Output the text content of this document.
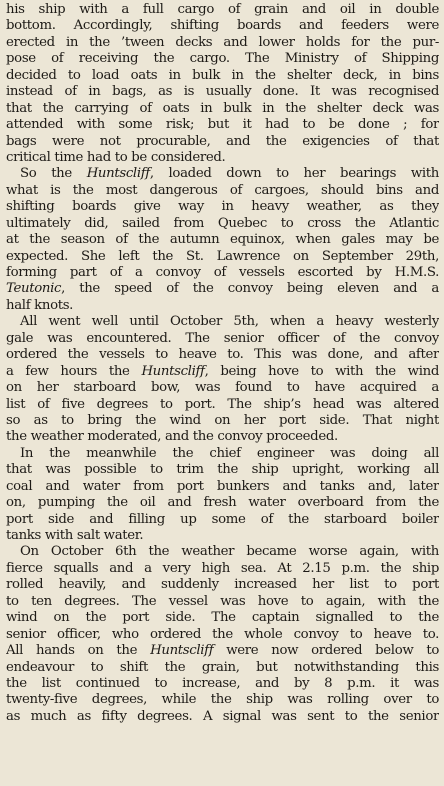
his ship with a full cargo of grain and oil in double
bottom. Accordingly, shifting boards and feeders were
erected in the ’tween decks and lower holds for the pur-
pose of receiving the cargo. The Ministry of Shipping
decided to load oats in bulk in the shelter deck, in bins
instead of in bags, as is usually done. It was recognised
that the carrying of oats in bulk in the shelter deck was
attended with some risk; but it had to be done ; for
bags were not procurable, and the exigencies of that
critical time had to be considered.
So the Huntscliff, loaded down to her bearings with
what is the most dangerous of cargoes, should bins and
shifting boards give way in heavy weather, as they
ultimately did, sailed from Quebec to cross the Atlantic
at the season of the autumn equinox, when gales may be
expected. She left the St. Lawrence on September 29th,
forming part of a convoy of vessels escorted by H.M.S.
Teutonic, the speed of the convoy being eleven and a
half knots.
All went well until October 5th, when a heavy westerly
gale was encountered. The senior officer of the convoy
ordered the vessels to heave to. This was done, and after
a few hours the Huntscliff, being hove to with the wind
on her starboard bow, was found to have acquired a
list of five degrees to port. The ship’s head was altered
so as to bring the wind on her port side. That night
the weather moderated, and the convoy proceeded.
In the meanwhile the chief engineer was doing all
that was possible to trim the ship upright, working all
coal and water from port bunkers and tanks and, later
on, pumping the oil and fresh water overboard from the
port side and filling up some of the starboard boiler
tanks with salt water.
On October 6th the weather became worse again, with
fierce squalls and a very high sea. At 2.15 p.m. the ship
rolled heavily, and suddenly increased her list to port
to ten degrees. The vessel was hove to again, with the
wind on the port side. The captain signalled to the
senior officer, who ordered the whole convoy to heave to.
All hands on the Huntscliff were now ordered below to
endeavour to shift the grain, but notwithstanding this
the list continued to increase, and by 8 p.m. it was
twenty-five degrees, while the ship was rolling over to
as much as fifty degrees. A signal was sent to the senior
